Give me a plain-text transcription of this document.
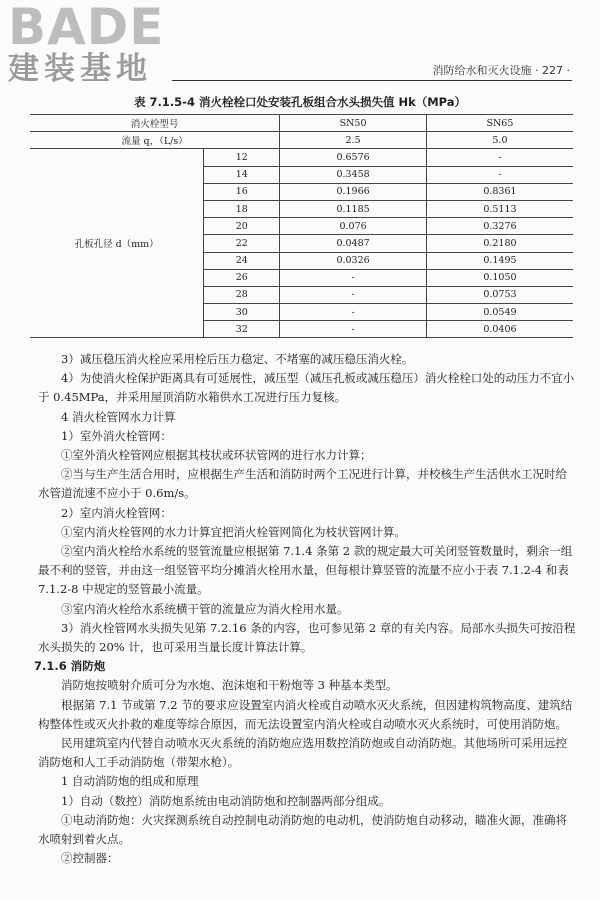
BADE
建装基地	消防给水和灭火设施 · 227 ·
表 7.1.5-4 消火栓栓口处安装孔板组合水头损失值 Hk（MPa）
消火栓型号		SN50	SN65
流量 q，（L/s）		2.5	5.0
孔板孔径 d（mm）	12	0.6576	-
	14	0.3458	-
	16	0.1966	0.8361
	18	0.1185	0.5113
	20	0.076	0.3276
	22	0.0487	0.2180
	24	0.0326	0.1495
	26	-	0.1050
	28	-	0.0753
	30	-	0.0549
	32	-	0.0406

3）减压稳压消火栓应采用栓后压力稳定、不堵塞的减压稳压消火栓。

4）为使消火栓保护距离具有可延展性，减压型（减压孔板或减压稳压）消火栓栓口处的动压力不宜小于 0.45MPa，并采用屋顶消防水箱供水工况进行压力复核。

4 消火栓管网水力计算

1）室外消火栓管网：

①室外消火栓管网应根据其枝状或环状管网的进行水力计算；

②当与生产生活合用时，应根据生产生活和消防时两个工况进行计算，并校核生产生活供水工况时给水管道流速不应小于 0.6m/s。

2）室内消火栓管网：

①室内消火栓管网的水力计算宜把消火栓管网简化为枝状管网计算。

②室内消火栓给水系统的竖管流量应根据第 7.1.4 条第 2 款的规定最大可关闭竖管数量时，剩余一组最不利的竖管，并由这一组竖管平均分摊消火栓用水量，但每根计算竖管的流量不应小于表 7.1.2-4 和表 7.1.2-8 中规定的竖管最小流量。

③室内消火栓给水系统横干管的流量应为消火栓用水量。

3）消火栓管网水头损失见第 7.2.16 条的内容，也可参见第 2 章的有关内容。局部水头损失可按沿程水头损失的 20% 计，也可采用当量长度计算法计算。

7.1.6 消防炮

消防炮按喷射介质可分为水炮、泡沫炮和干粉炮等 3 种基本类型。

根据第 7.1 节或第 7.2 节的要求应设置室内消火栓或自动喷水灭火系统，但因建构筑物高度、建筑结构整体性或灭火扑救的难度等综合原因，而无法设置室内消火栓或自动喷水灭火系统时，可使用消防炮。

民用建筑室内代替自动喷水灭火系统的消防炮应选用数控消防炮或自动消防炮。其他场所可采用远控消防炮和人工手动消防炮（带架水枪）。

1 自动消防炮的组成和原理

1）自动（数控）消防炮系统由电动消防炮和控制器两部分组成。

①电动消防炮：火灾探测系统自动控制电动消防炮的电动机，使消防炮自动移动，瞄准火源，准确将水喷射到着火点。

②控制器：
